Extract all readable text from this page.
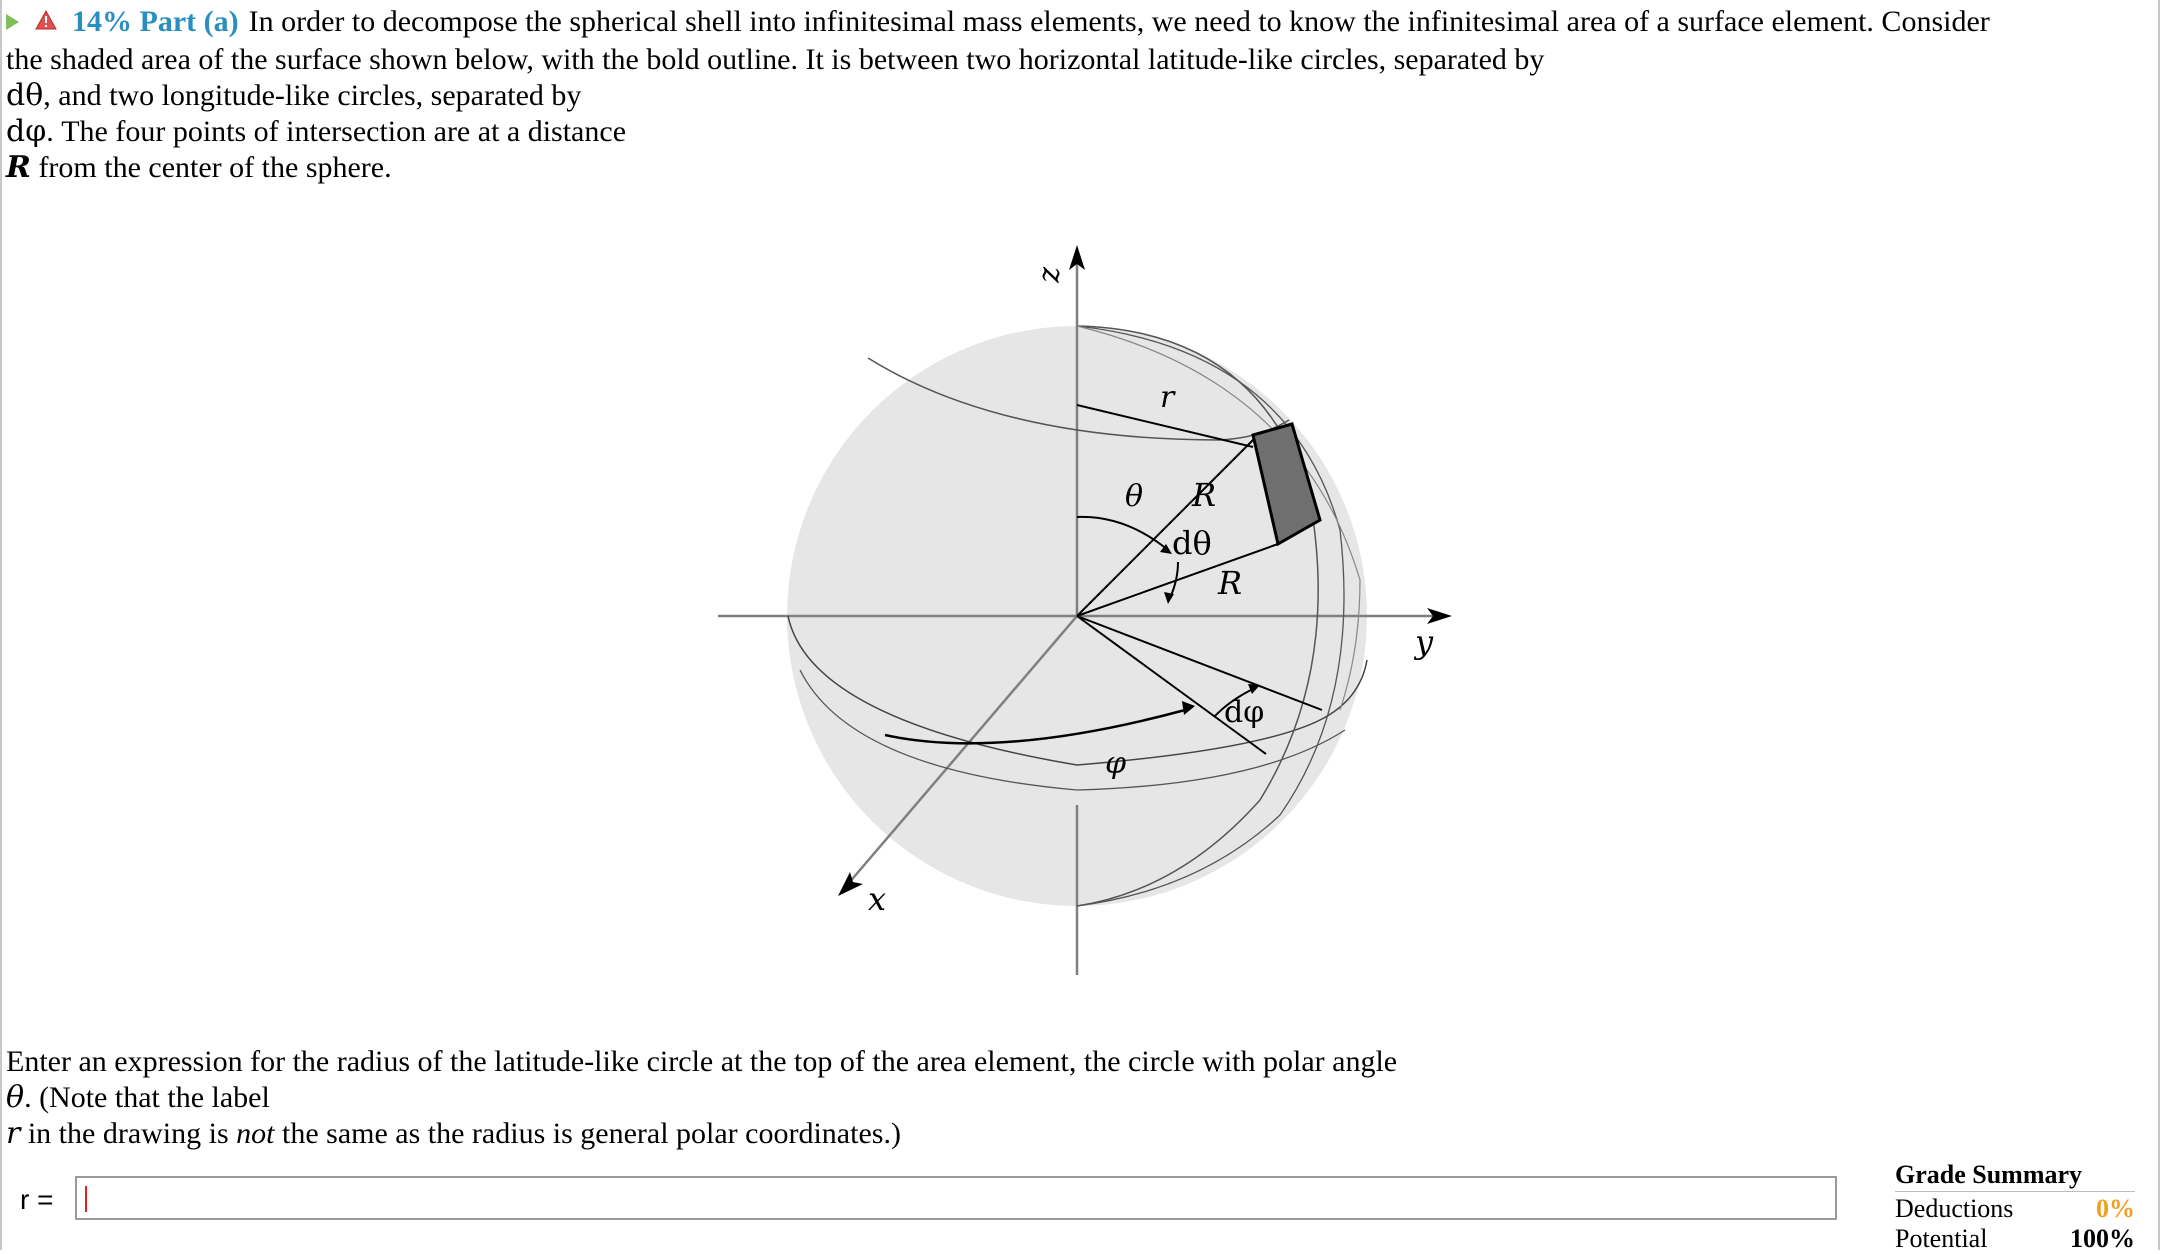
14% Part (a) In order to decompose the spherical shell into infinitesimal mass elements, we need to know the infinitesimal area of a surface element. Consider
the shaded area of the surface shown below, with the bold outline. It is between two horizontal latitude-like circles, separated by
dθ, and two longitude-like circles, separated by
dφ. The four points of intersection are at a distance
R from the center of the sphere.
z
y
x
r
θ R
dθ
R
φ
dφ
Enter an expression for the radius of the latitude-like circle at the top of the area element, the circle with polar angle
θ. (Note that the label
r in the drawing is not the same as the radius is general polar coordinates.)
r =
Grade Summary
Deductions	0%
Potential	100%
